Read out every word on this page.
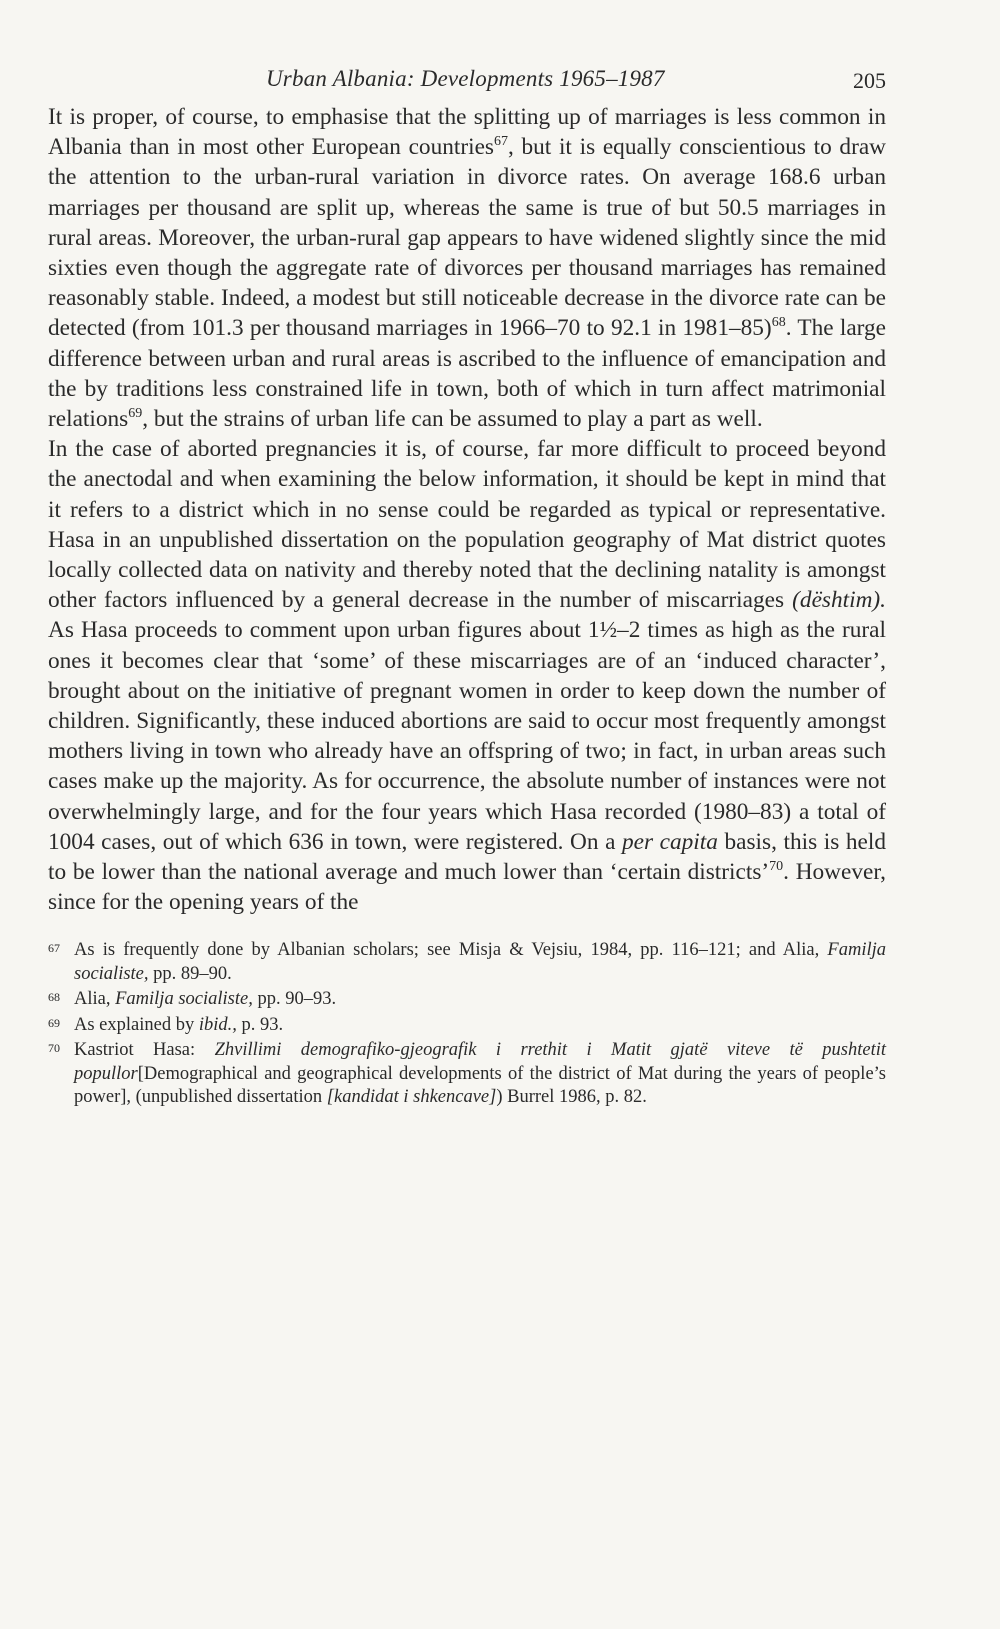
Urban Albania: Developments 1965–1987	205

It is proper, of course, to emphasise that the splitting up of marriages is less common in Albania than in most other European countries$^{67}$, but it is equally conscientious to draw the attention to the urban-rural variation in divorce rates. On average 168.6 urban marriages per thousand are split up, whereas the same is true of but 50.5 marriages in rural areas. Moreover, the urban-rural gap appears to have widened slightly since the mid sixties even though the aggregate rate of divorces per thousand marriages has remained reasonably stable. Indeed, a modest but still noticeable decrease in the divorce rate can be detected (from 101.3 per thousand marriages in 1966–70 to 92.1 in 1981–85)$^{68}$. The large difference between urban and rural areas is ascribed to the influence of emancipation and the by traditions less constrained life in town, both of which in turn affect matrimonial relations$^{69}$, but the strains of urban life can be assumed to play a part as well.

In the case of aborted pregnancies it is, of course, far more difficult to proceed beyond the anectodal and when examining the below information, it should be kept in mind that it refers to a district which in no sense could be regarded as typical or representative. Hasa in an unpublished dissertation on the population geography of Mat district quotes locally collected data on nativity and thereby noted that the declining natality is amongst other factors influenced by a general decrease in the number of miscarriages (dështim). As Hasa proceeds to comment upon urban figures about 1½–2 times as high as the rural ones it becomes clear that ‘some’ of these miscarriages are of an ‘induced character’, brought about on the initiative of pregnant women in order to keep down the number of children. Significantly, these induced abortions are said to occur most frequently amongst mothers living in town who already have an offspring of two; in fact, in urban areas such cases make up the majority. As for occurrence, the absolute number of instances were not overwhelmingly large, and for the four years which Hasa recorded (1980–83) a total of 1004 cases, out of which 636 in town, were registered. On a per capita basis, this is held to be lower than the national average and much lower than ‘certain districts’$^{70}$. However, since for the opening years of the

67 As is frequently done by Albanian scholars; see Misja & Vejsiu, 1984, pp. 116–121; and Alia, Familja socialiste, pp. 89–90.
68 Alia, Familja socialiste, pp. 90–93.
69 As explained by ibid., p. 93.
70 Kastriot Hasa: Zhvillimi demografiko-gjeografik i rrethit i Matit gjatë viteve të pushtetit popullor[Demographical and geographical developments of the district of Mat during the years of people’s power], (unpublished dissertation [kandidat i shkencave]) Burrel 1986, p. 82.
